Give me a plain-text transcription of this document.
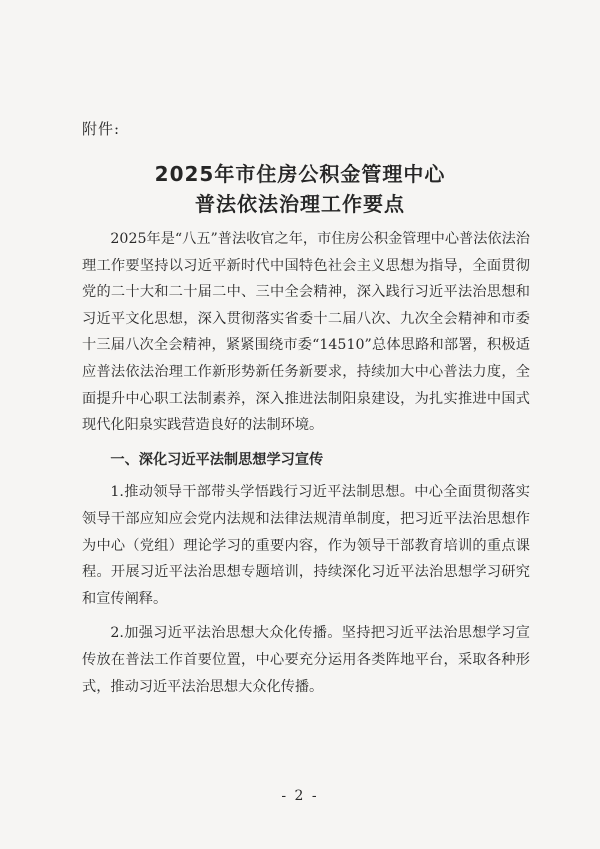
附件:
2025年市住房公积金管理中心
普法依法治理工作要点

2025年是“八五”普法收官之年，市住房公积金管理中心普法依法治理工作要坚持以习近平新时代中国特色社会主义思想为指导，全面贯彻党的二十大和二十届二中、三中全会精神，深入践行习近平法治思想和习近平文化思想，深入贯彻落实省委十二届八次、九次全会精神和市委十三届八次全会精神，紧紧围绕市委“14510”总体思路和部署，积极适应普法依法治理工作新形势新任务新要求，持续加大中心普法力度，全面提升中心职工法制素养，深入推进法制阳泉建设，为扎实推进中国式现代化阳泉实践营造良好的法制环境。

一、深化习近平法制思想学习宣传

1.推动领导干部带头学悟践行习近平法制思想。中心全面贯彻落实领导干部应知应会党内法规和法律法规清单制度，把习近平法治思想作为中心（党组）理论学习的重要内容，作为领导干部教育培训的重点课程。开展习近平法治思想专题培训，持续深化习近平法治思想学习研究和宣传阐释。

2.加强习近平法治思想大众化传播。坚持把习近平法治思想学习宣传放在普法工作首要位置，中心要充分运用各类阵地平台，采取各种形式，推动习近平法治思想大众化传播。

- 2 -
